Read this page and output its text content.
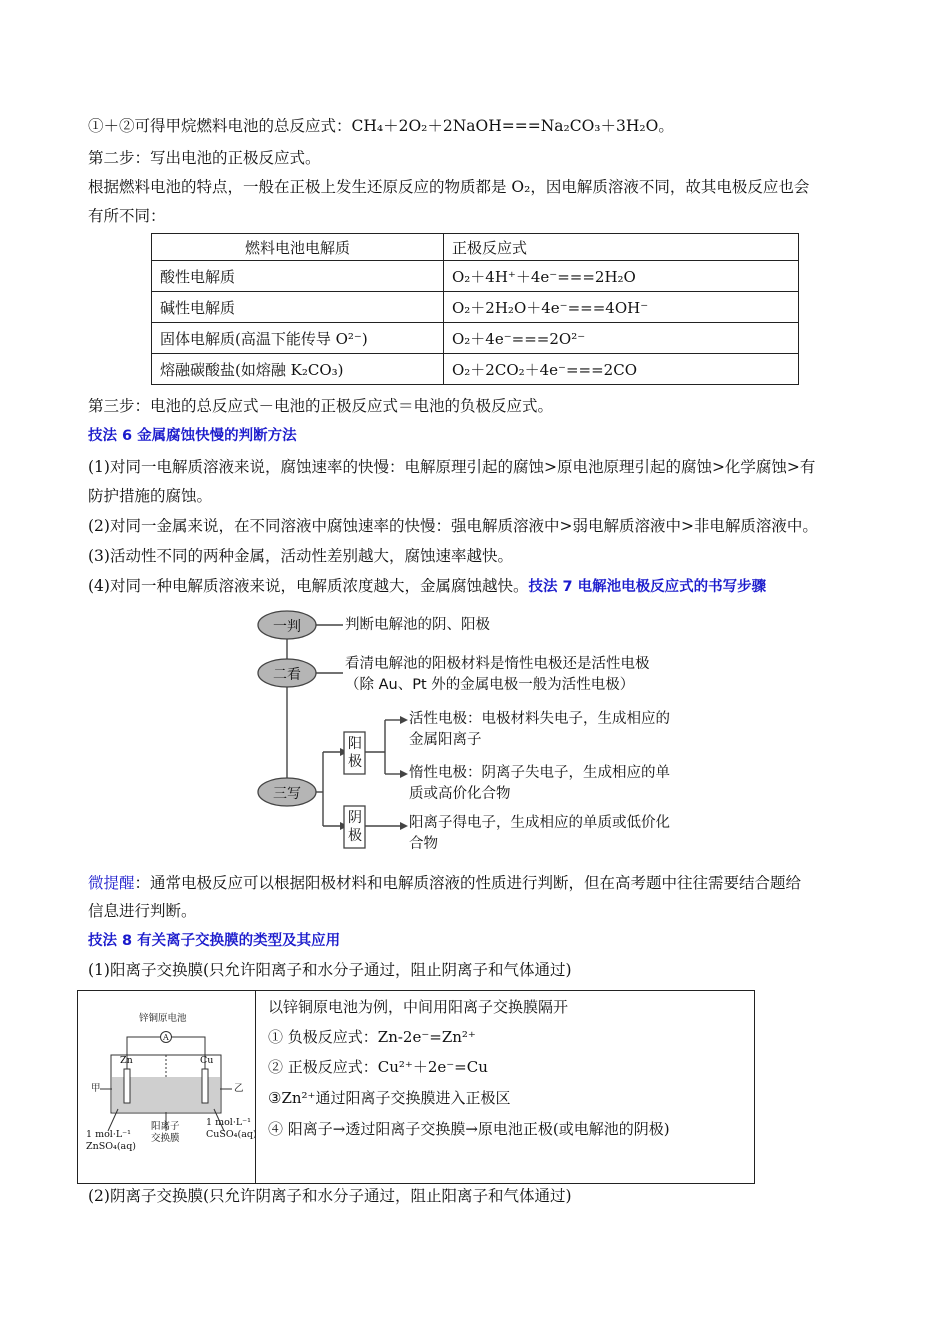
①＋②可得甲烷燃料电池的总反应式：CH₄＋2O₂＋2NaOH===Na₂CO₃＋3H₂O。
第二步：写出电池的正极反应式。
根据燃料电池的特点，一般在正极上发生还原反应的物质都是 O₂，因电解质溶液不同，故其电极反应也会
有所不同：
燃料电池电解质	正极反应式
酸性电解质	O₂＋4H⁺＋4e⁻===2H₂O
碱性电解质	O₂＋2H₂O＋4e⁻===4OH⁻
固体电解质(高温下能传导 O²⁻)	O₂＋4e⁻===2O²⁻
熔融碳酸盐(如熔融 K₂CO₃)	O₂＋2CO₂＋4e⁻===2CO
第三步：电池的总反应式－电池的正极反应式＝电池的负极反应式。
技法 6 金属腐蚀快慢的判断方法
(1)对同一电解质溶液来说，腐蚀速率的快慢：电解原理引起的腐蚀>原电池原理引起的腐蚀>化学腐蚀>有
防护措施的腐蚀。
(2)对同一金属来说，在不同溶液中腐蚀速率的快慢：强电解质溶液中>弱电解质溶液中>非电解质溶液中。
(3)活动性不同的两种金属，活动性差别越大，腐蚀速率越快。
(4)对同一种电解质溶液来说，电解质浓度越大，金属腐蚀越快。技法 7 电解池电极反应式的书写步骤
一判
二看
三写
阳极
阴极
判断电解池的阴、阳极
看清电解池的阳极材料是惰性电极还是活性电极
（除 Au、Pt 外的金属电极一般为活性电极）
活性电极：电极材料失电子，生成相应的
金属阳离子
惰性电极：阴离子失电子，生成相应的单
质或高价化合物
阳离子得电子，生成相应的单质或低价化
合物
微提醒：通常电极反应可以根据阳极材料和电解质溶液的性质进行判断，但在高考题中往往需要结合题给
信息进行判断。
技法 8 有关离子交换膜的类型及其应用
(1)阳离子交换膜(只允许阳离子和水分子通过，阻止阴离子和气体通过)
锌铜原电池
A
Zn	Cu
甲	乙
1 mol·L⁻¹
ZnSO₄(aq)
1 mol·L⁻¹
CuSO₄(aq)
阳离子
交换膜
以锌铜原电池为例，中间用阳离子交换膜隔开
① 负极反应式：Zn-2e⁻=Zn²⁺
② 正极反应式：Cu²⁺＋2e⁻=Cu
③Zn²⁺通过阳离子交换膜进入正极区
④ 阳离子→透过阳离子交换膜→原电池正极(或电解池的阴极)
(2)阴离子交换膜(只允许阴离子和水分子通过，阻止阳离子和气体通过)
